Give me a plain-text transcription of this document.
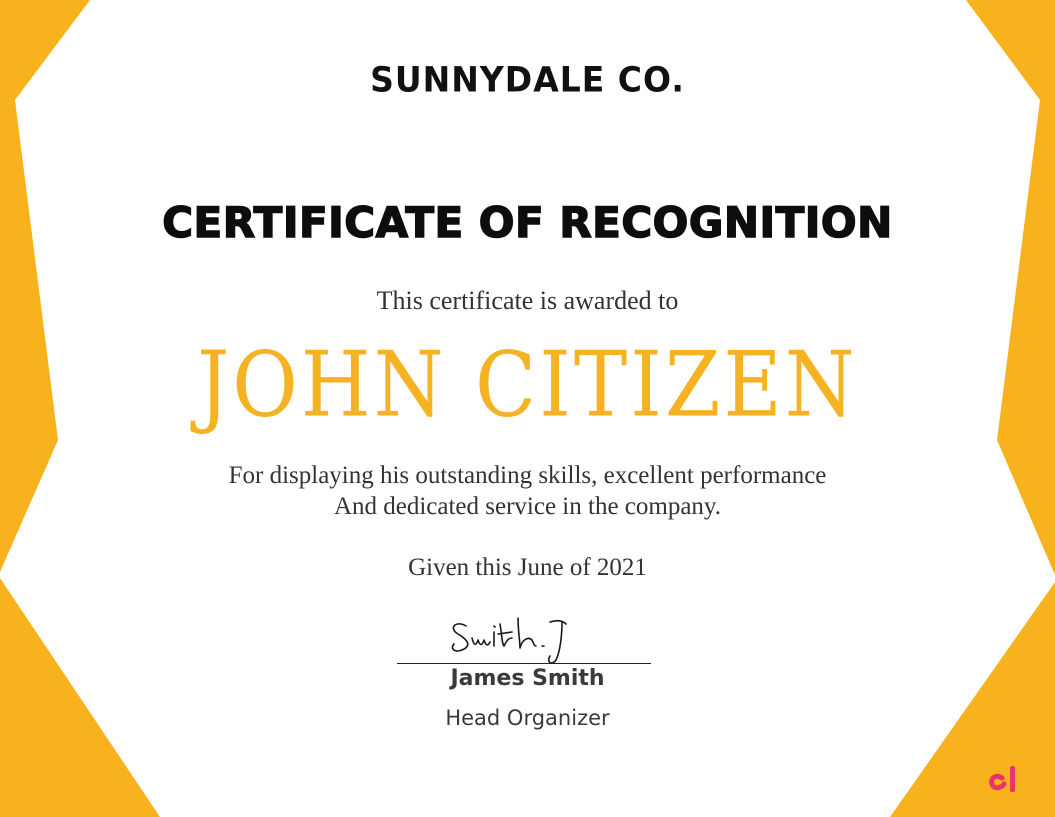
SUNNYDALE CO.
CERTIFICATE OF RECOGNITION
This certificate is awarded to
JOHN CITIZEN
For displaying his outstanding skills, excellent performance
And dedicated service in the company.
Given this June of 2021
James Smith
Head Organizer
